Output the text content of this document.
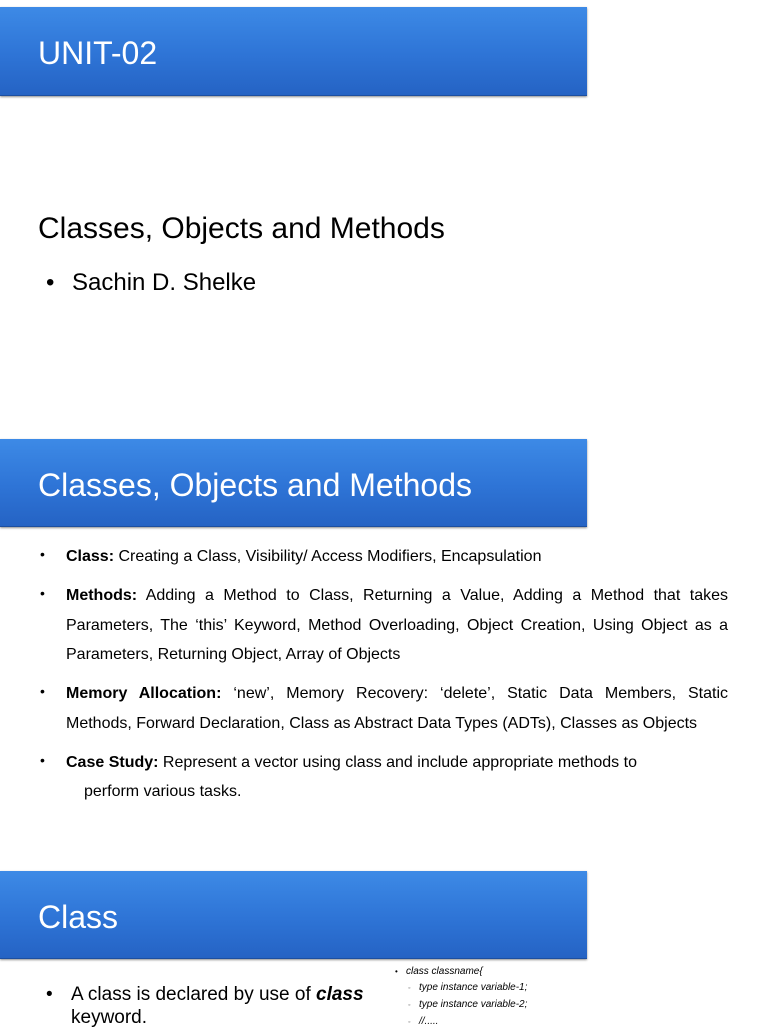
UNIT-02
Classes, Objects and Methods
• Sachin D. Shelke
Classes, Objects and Methods
• Class: Creating a Class, Visibility/ Access Modifiers, Encapsulation
• Methods: Adding a Method to Class, Returning a Value, Adding a Method that takes Parameters, The ‘this’ Keyword, Method Overloading, Object Creation, Using Object as a Parameters, Returning Object, Array of Objects
• Memory Allocation: ‘new’, Memory Recovery: ‘delete’, Static Data Members, Static Methods, Forward Declaration, Class as Abstract Data Types (ADTs), Classes as Objects
• Case Study: Represent a vector using class and include appropriate methods to
perform various tasks.
Class
• A class is declared by use of class
keyword.
• class classname{
◦ type instance variable-1;
◦ type instance variable-2;
◦ //.....
